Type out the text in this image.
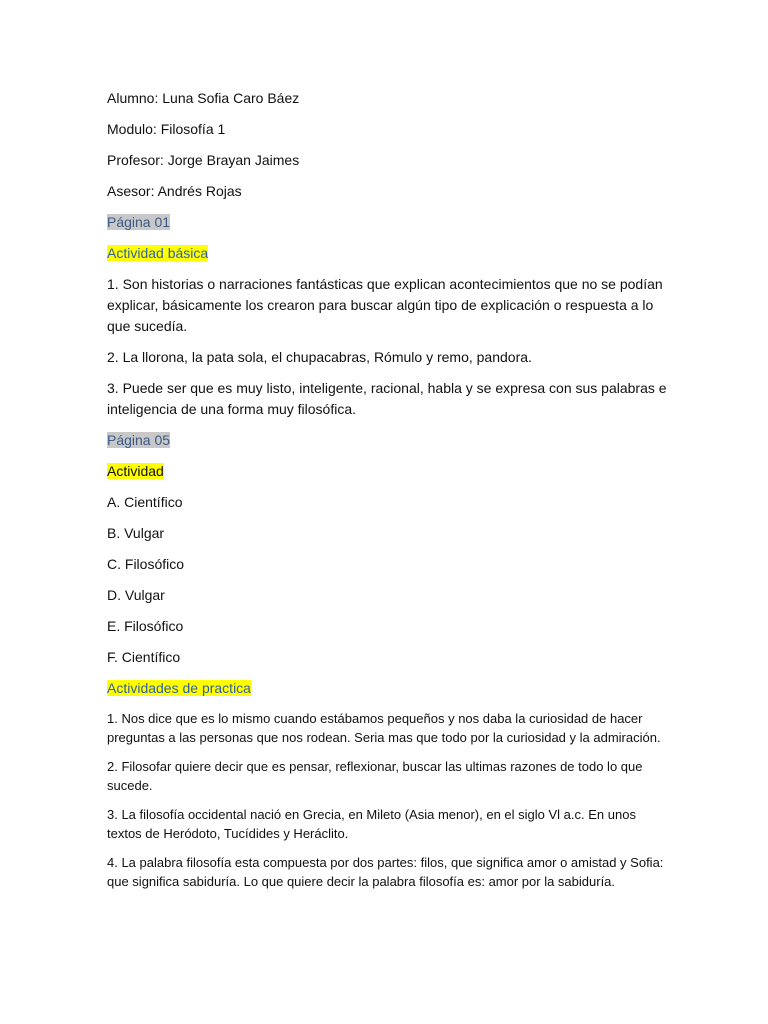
Alumno: Luna Sofia Caro Báez

Modulo: Filosofía 1

Profesor: Jorge Brayan Jaimes

Asesor: Andrés Rojas

Página 01

Actividad básica

1. Son historias o narraciones fantásticas que explican acontecimientos que no se podían explicar, básicamente los crearon para buscar algún tipo de explicación o respuesta a lo que sucedía.

2. La llorona, la pata sola, el chupacabras, Rómulo y remo, pandora.

3. Puede ser que es muy listo, inteligente, racional, habla y se expresa con sus palabras e inteligencia de una forma muy filosófica.

Página 05

Actividad

A. Científico

B. Vulgar

C. Filosófico

D. Vulgar

E. Filosófico

F. Científico

Actividades de practica

1. Nos dice que es lo mismo cuando estábamos pequeños y nos daba la curiosidad de hacer preguntas a las personas que nos rodean. Seria mas que todo por la curiosidad y la admiración.

2. Filosofar quiere decir que es pensar, reflexionar, buscar las ultimas razones de todo lo que sucede.

3. La filosofía occidental nació en Grecia, en Mileto (Asia menor), en el siglo Vl a.c. En unos textos de Heródoto, Tucídides y Heráclito.

4. La palabra filosofía esta compuesta por dos partes: filos, que significa amor o amistad y Sofia: que significa sabiduría. Lo que quiere decir la palabra filosofía es: amor por la sabiduría.
